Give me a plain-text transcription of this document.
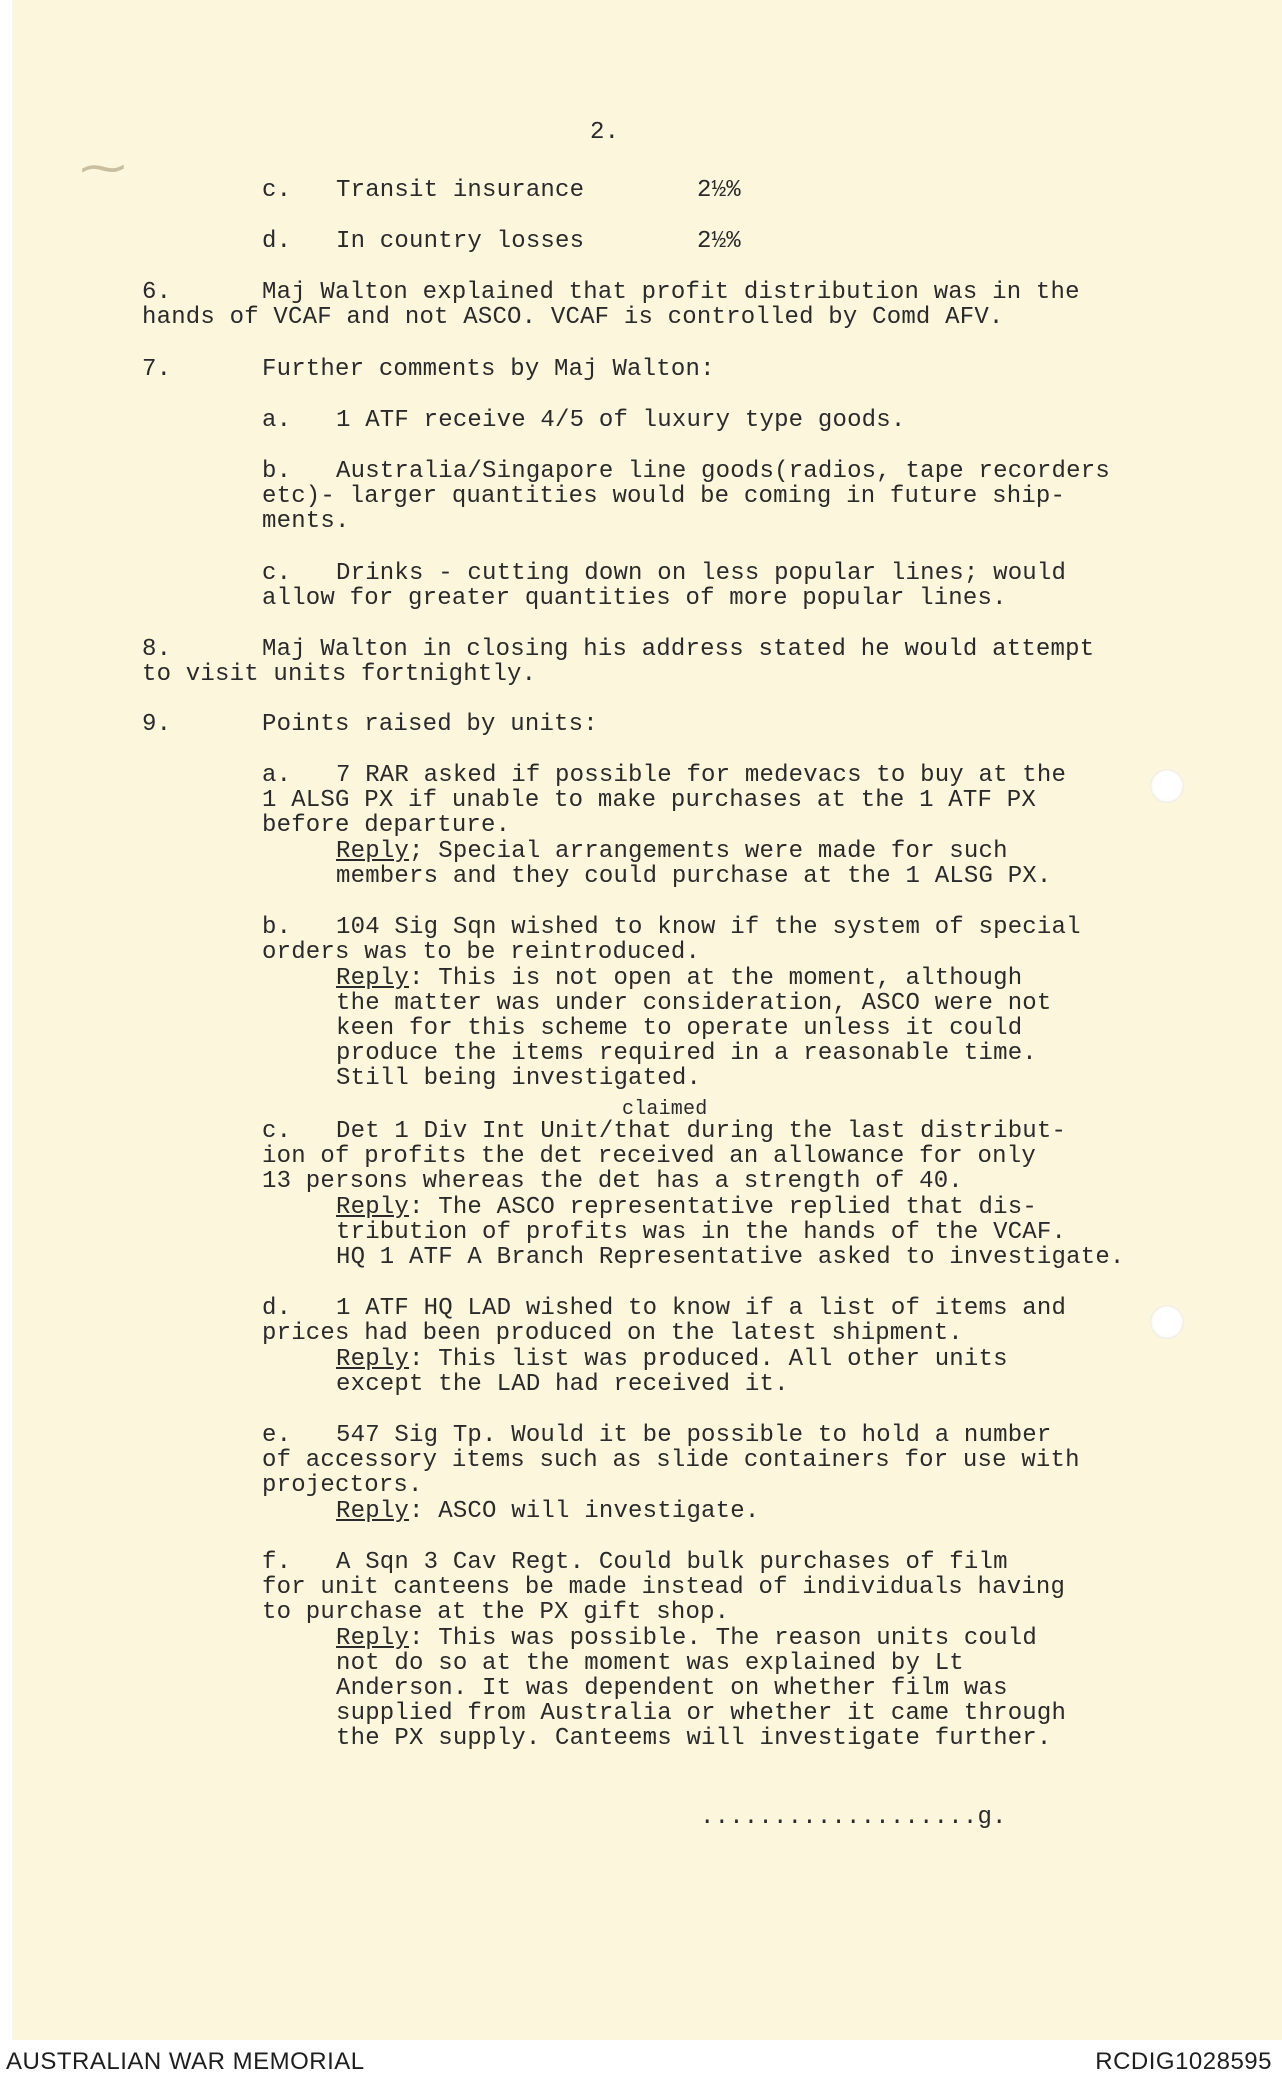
⁓

2.

c. Transit insurance	2½%

d. In country losses	2½%

6.	Maj Walton explained that profit distribution was in the

hands of VCAF and not ASCO. VCAF is controlled by Comd AFV.

7.	Further comments by Maj Walton:

a. 1 ATF receive 4/5 of luxury type goods.

b. Australia/Singapore line goods(radios, tape recorders

etc)- larger quantities would be coming in future ship-

ments.

c. Drinks - cutting down on less popular lines; would

allow for greater quantities of more popular lines.

8.	Maj Walton in closing his address stated he would attempt

to visit units fortnightly.

9.	Points raised by units:

a. 7 RAR asked if possible for medevacs to buy at the

1 ALSG PX if unable to make purchases at the 1 ATF PX

before departure.

Reply; Special arrangements were made for such

members and they could purchase at the 1 ALSG PX.

b. 104 Sig Sqn wished to know if the system of special

orders was to be reintroduced.

Reply: This is not open at the moment, although

the matter was under consideration, ASCO were not

keen for this scheme to operate unless it could

produce the items required in a reasonable time.

Still being investigated.

claimed

c. Det 1 Div Int Unit/that during the last distribut-

ion of profits the det received an allowance for only

13 persons whereas the det has a strength of 40.

Reply: The ASCO representative replied that dis-

tribution of profits was in the hands of the VCAF.

HQ 1 ATF A Branch Representative asked to investigate.

d. 1 ATF HQ LAD wished to know if a list of items and

prices had been produced on the latest shipment.

Reply: This list was produced. All other units

except the LAD had received it.

e. 547 Sig Tp. Would it be possible to hold a number

of accessory items such as slide containers for use with

projectors.

Reply: ASCO will investigate.

f. A Sqn 3 Cav Regt. Could bulk purchases of film

for unit canteens be made instead of individuals having

to purchase at the PX gift shop.

Reply: This was possible. The reason units could

not do so at the moment was explained by Lt

Anderson. It was dependent on whether film was

supplied from Australia or whether it came through

the PX supply. Canteems will investigate further.

...................g.

AUSTRALIAN WAR MEMORIAL	RCDIG1028595
